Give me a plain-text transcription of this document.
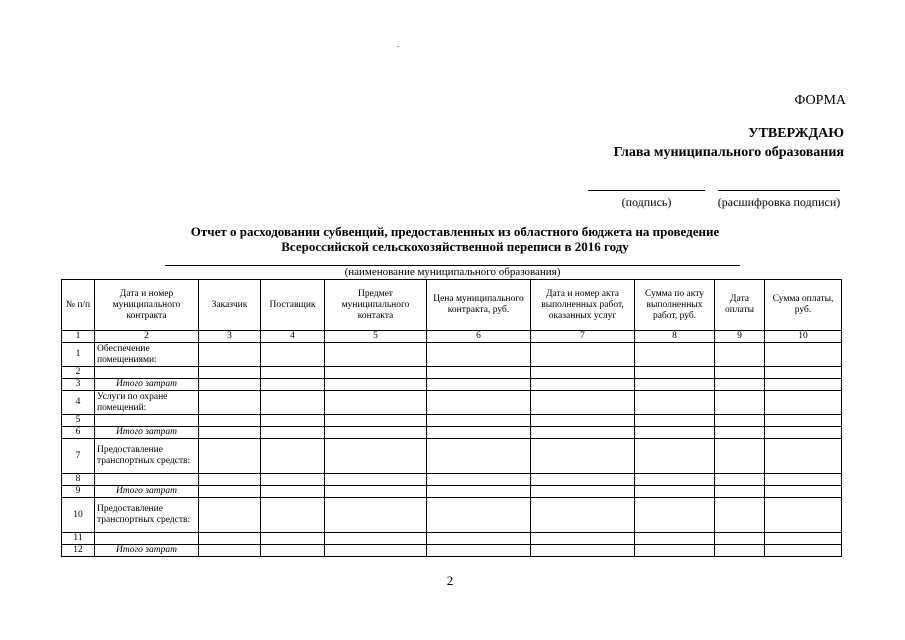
ФОРМА
УТВЕРЖДАЮ
Глава муниципального образования
(подпись)	(расшифровка подписи)
Отчет о расходовании субвенций, предоставленных из областного бюджета на проведение
Всероссийской сельскохозяйственной переписи в 2016 году
(наименование муниципального образования)
№ п/п	Дата и номер муниципального контракта	Заказчик	Поставщик	Предмет муниципального контакта	Цена муниципального контракта, руб.	Дата и номер акта выполненных работ, оказанных услуг	Сумма по акту выполненных работ, руб.	Дата оплаты	Сумма оплаты, руб.
1	2	3	4	5	6	7	8	9	10
1	Обеспечение помещениями:								
2									
3	Итого затрат								
4	Услуги по охране помещений:								
5									
6	Итого затрат								
7	Предоставление транспортных средств:								
8									
9	Итого затрат								
10	Предоставление транспортных средств:								
11									
12	Итого затрат								
2
